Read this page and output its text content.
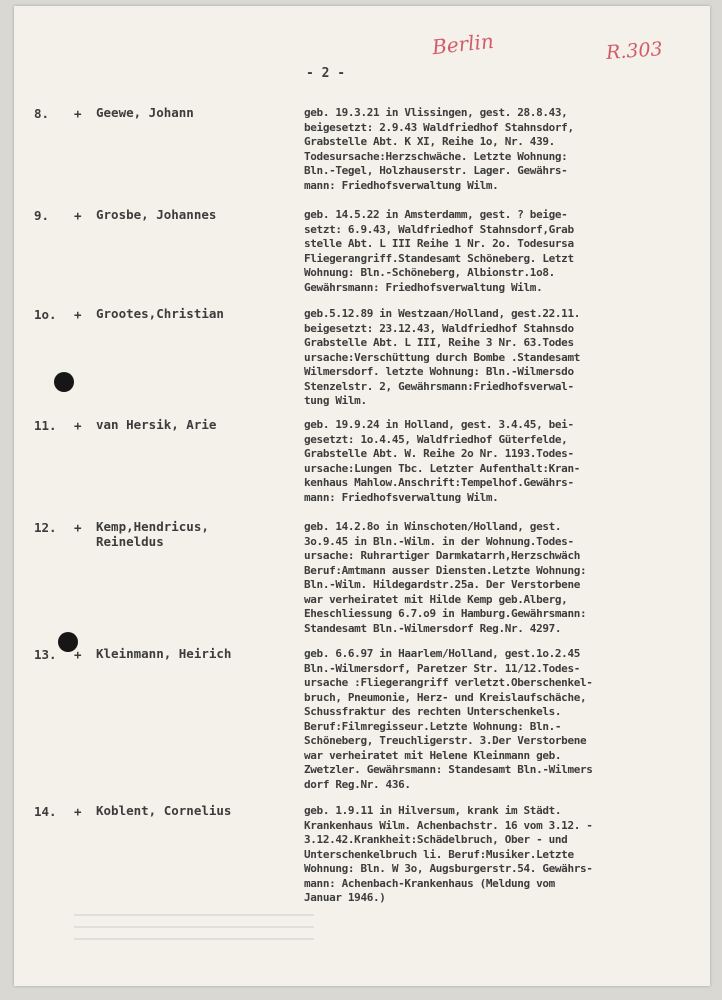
Berlin	R.303
- 2 -
8.	+ Geewe, Johann	geb. 19.3.21 in Vlissingen, gest. 28.8.43,
beigesetzt: 2.9.43 Waldfriedhof Stahnsdorf,
Grabstelle Abt. K XI, Reihe 1o, Nr. 439.
Todesursache:Herzschwäche. Letzte Wohnung:
Bln.-Tegel, Holzhauserstr. Lager. Gewährs-
mann: Friedhofsverwaltung Wilm.
9.	+ Grosbe, Johannes	geb. 14.5.22 in Amsterdamm, gest. ? beige-
setzt: 6.9.43, Waldfriedhof Stahnsdorf,Grab
stelle Abt. L III Reihe 1 Nr. 2o. Todesursa
Fliegerangriff.Standesamt Schöneberg. Letzt
Wohnung: Bln.-Schöneberg, Albionstr.1o8.
Gewährsmann: Friedhofsverwaltung Wilm.
1o.	+ Grootes,Christian	geb.5.12.89 in Westzaan/Holland, gest.22.11.
beigesetzt: 23.12.43, Waldfriedhof Stahnsdo
Grabstelle Abt. L III, Reihe 3 Nr. 63.Todes
ursache:Verschüttung durch Bombe .Standesamt
Wilmersdorf. letzte Wohnung: Bln.-Wilmersdo
Stenzelstr. 2, Gewährsmann:Friedhofsverwal-
tung Wilm.
11.	+ van Hersik, Arie	geb. 19.9.24 in Holland, gest. 3.4.45, bei-
gesetzt: 1o.4.45, Waldfriedhof Güterfelde,
Grabstelle Abt. W. Reihe 2o Nr. 1193.Todes-
ursache:Lungen Tbc. Letzter Aufenthalt:Kran-
kenhaus Mahlow.Anschrift:Tempelhof.Gewährs-
mann: Friedhofsverwaltung Wilm.
12.	+ Kemp,Hendricus,
Reineldus
geb. 14.2.8o in Winschoten/Holland, gest.
3o.9.45 in Bln.-Wilm. in der Wohnung.Todes-
ursache: Ruhrartiger Darmkatarrh,Herzschwäch
Beruf:Amtmann ausser Diensten.Letzte Wohnung:
Bln.-Wilm. Hildegardstr.25a. Der Verstorbene
war verheiratet mit Hilde Kemp geb.Alberg,
Eheschliessung 6.7.o9 in Hamburg.Gewährsmann:
Standesamt Bln.-Wilmersdorf Reg.Nr. 4297.
13.	+ Kleinmann, Heirich	geb. 6.6.97 in Haarlem/Holland, gest.1o.2.45
Bln.-Wilmersdorf, Paretzer Str. 11/12.Todes-
ursache :Fliegerangriff verletzt.Oberschenkel-
bruch, Pneumonie, Herz- und Kreislaufschäche,
Schussfraktur des rechten Unterschenkels.
Beruf:Filmregisseur.Letzte Wohnung: Bln.-
Schöneberg, Treuchligerstr. 3.Der Verstorbene
war verheiratet mit Helene Kleinmann geb.
Zwetzler. Gewährsmann: Standesamt Bln.-Wilmers
dorf Reg.Nr. 436.
14.	+ Koblent, Cornelius	geb. 1.9.11 in Hilversum, krank im Städt.
Krankenhaus Wilm. Achenbachstr. 16 vom 3.12. -
3.12.42.Krankheit:Schädelbruch, Ober - und
Unterschenkelbruch li. Beruf:Musiker.Letzte
Wohnung: Bln. W 3o, Augsburgerstr.54. Gewährs-
mann: Achenbach-Krankenhaus (Meldung vom
Januar 1946.)
